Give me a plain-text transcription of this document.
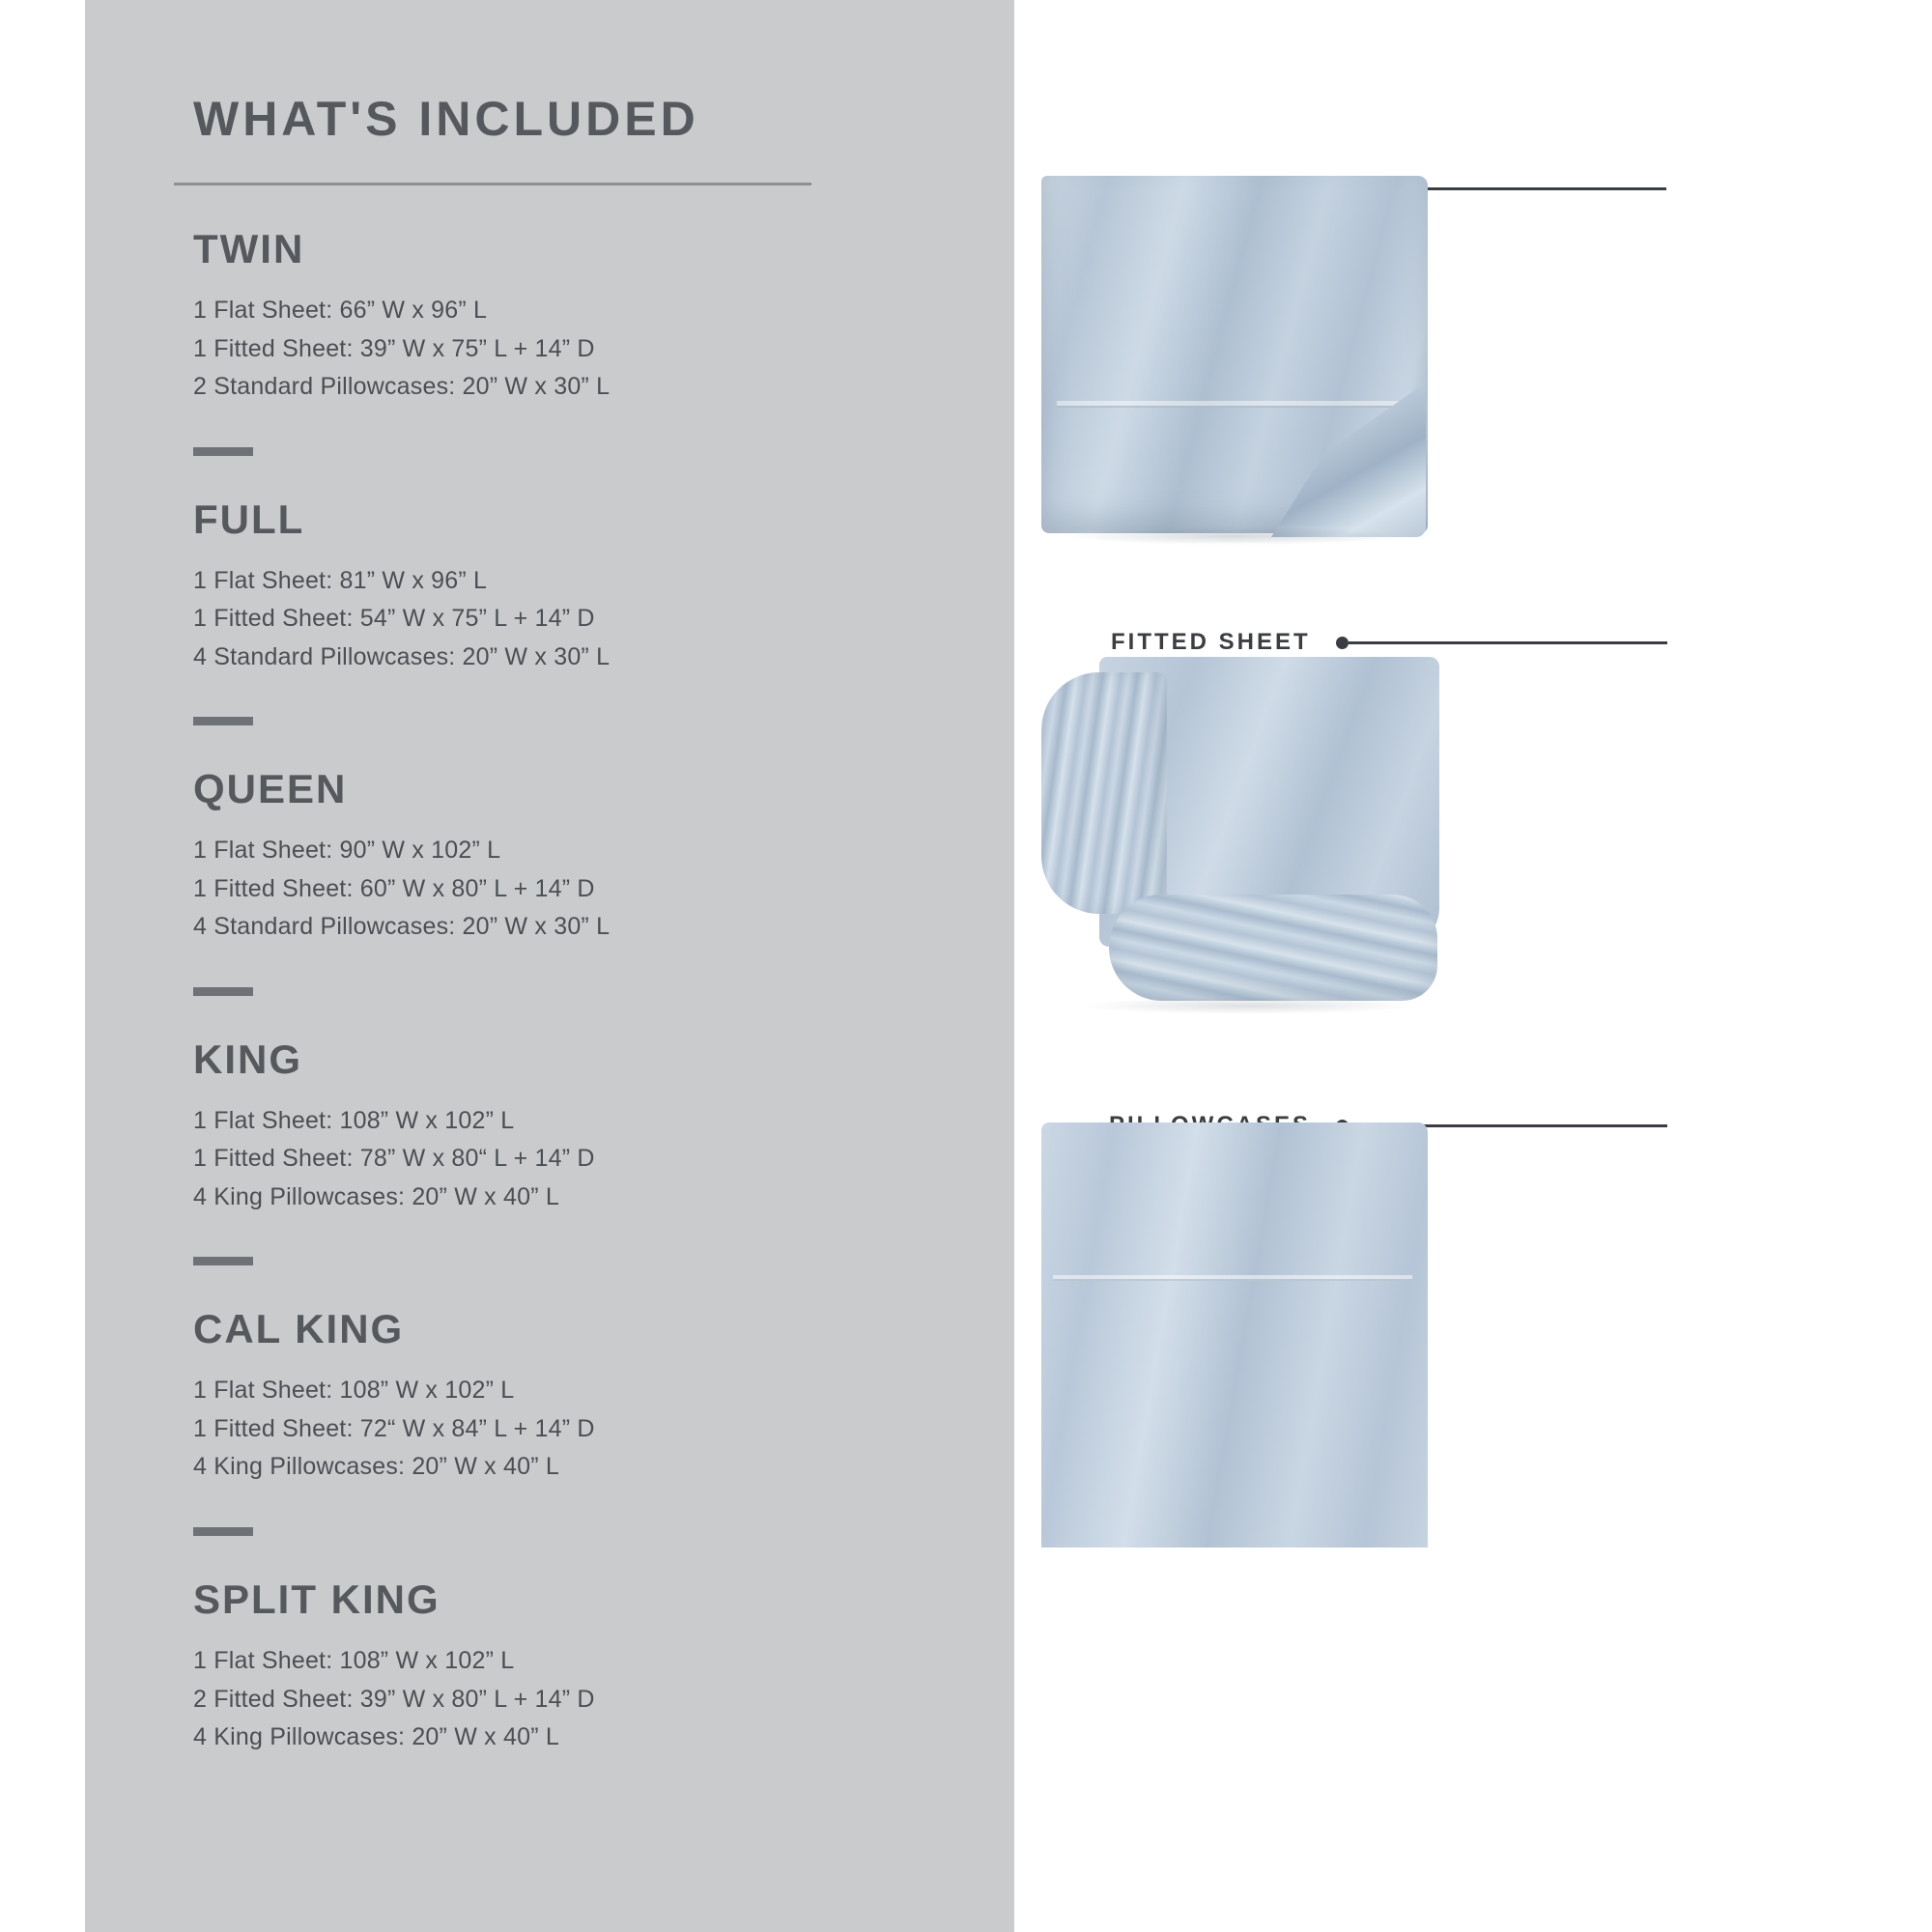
WHAT'S INCLUDED
TWIN
1 Flat Sheet: 66” W x 96” L
1 Fitted Sheet: 39” W x 75” L + 14” D
2 Standard Pillowcases: 20” W x 30” L
FULL
1 Flat Sheet: 81” W x 96” L
1 Fitted Sheet: 54” W x 75” L + 14” D
4 Standard Pillowcases: 20” W x 30” L
QUEEN
1 Flat Sheet: 90” W x 102” L
1 Fitted Sheet: 60” W x 80” L + 14” D
4 Standard Pillowcases: 20” W x 30” L
KING
1 Flat Sheet: 108” W x 102” L
1 Fitted Sheet: 78” W x 80“ L + 14” D
4 King Pillowcases: 20” W x 40” L
CAL KING
1 Flat Sheet: 108” W x 102” L
1 Fitted Sheet: 72“ W x 84” L + 14” D
4 King Pillowcases: 20” W x 40” L
SPLIT KING
1 Flat Sheet: 108” W x 102” L
2 Fitted Sheet: 39” W x 80” L + 14” D
4 King Pillowcases: 20” W x 40” L
FITTED SHEET
